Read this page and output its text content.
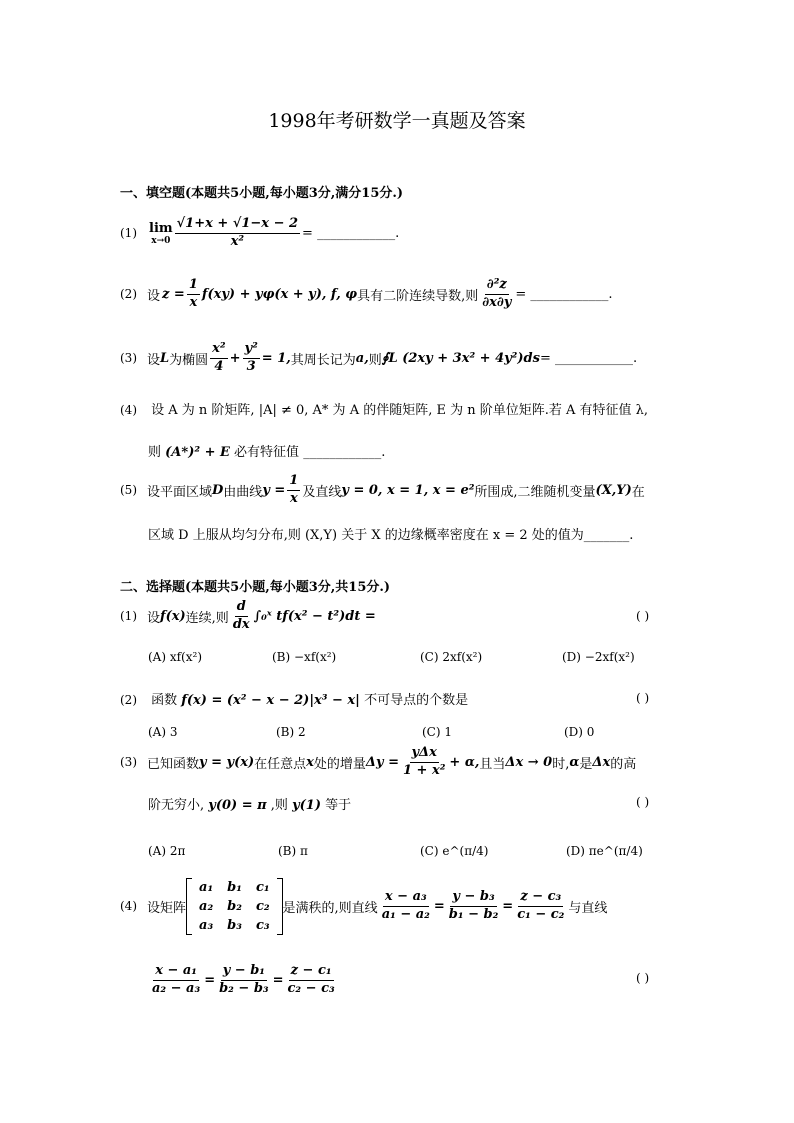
1998年考研数学一真题及答案
一、填空题(本题共5小题,每小题3分,满分15分.)
(1) lim
$x\to 0 \frac{√1+x + √1-x - 2}{\text{x²}}$ = ____________.
(2) 设 $z = \frac{1}{x} f(xy) + y\varphi(x + y)$, f, φ 具有二阶连续导数,则 $\frac{\text{∂²z}}{\partial x\partial y}$ = ____________.
(3) 设 L 为椭圆 $\frac{\text{x²}}{4} + \frac{\text{y²}}{3} = 1$, 其周长记为 a, 则 ∮L (2xy + 3x² + 4y²)ds = ____________.
(4) 设 A 为 n 阶矩阵, |A| ≠ 0, A* 为 A 的伴随矩阵, E 为 n 阶单位矩阵.若 A 有特征值 λ,
则 (A*)² + E 必有特征值 ____________.
(5) 设平面区域 D 由曲线 $y = \frac{1}{x}$ 及直线 y = 0, x = 1, x = e² 所围成,二维随机变量 (X,Y) 在
区域 D 上服从均匀分布,则 (X,Y) 关于 X 的边缘概率密度在 x = 2 处的值为_______.
二、选择题(本题共5小题,每小题3分,共15分.)
(1) 设 f(x) 连续,则 $\frac{d}{dx}$ ∫₀ˣ tf(x² − t²)dt =	( )
(A) xf(x²)	(B) −xf(x²)	(C) 2xf(x²)	(D) −2xf(x²)
(2) 函数 f(x) = (x² − x − 2)|x³ − x| 不可导点的个数是	( )
(A) 3	(B) 2	(C) 1	(D) 0
(3) 已知函数 y = y(x) 在任意点 x 处的增量 $\Delta y = \frac{\text{yΔx}}{\text{1 + x²}} + \alpha$, 且当 Δx → 0 时, α 是 Δx 的高
阶无穷小, y(0) = π ,则 y(1) 等于	( )
(A) 2π	(B) π	(C) e^(π/4)	(D) πe^(π/4)
(4) 设矩阵
a₁	b₁	c₁
a₂	b₂	c₂
a₃	b₃	c₃
是满秩的,则直线 $\frac{\text{x − a₃}}{\text{a₁ − a₂}} = \frac{\text{y − b₃}}{\text{b₁ − b₂}} = \frac{\text{z − c₃}}{\text{c₁ − c₂}}$ 与直线
$\frac{\text{x − a₁}}{\text{a₂ − a₃}} = \frac{\text{y − b₁}}{\text{b₂ − b₃}} = \frac{\text{z − c₁}}{\text{c₂ − c₃}}$	( )
